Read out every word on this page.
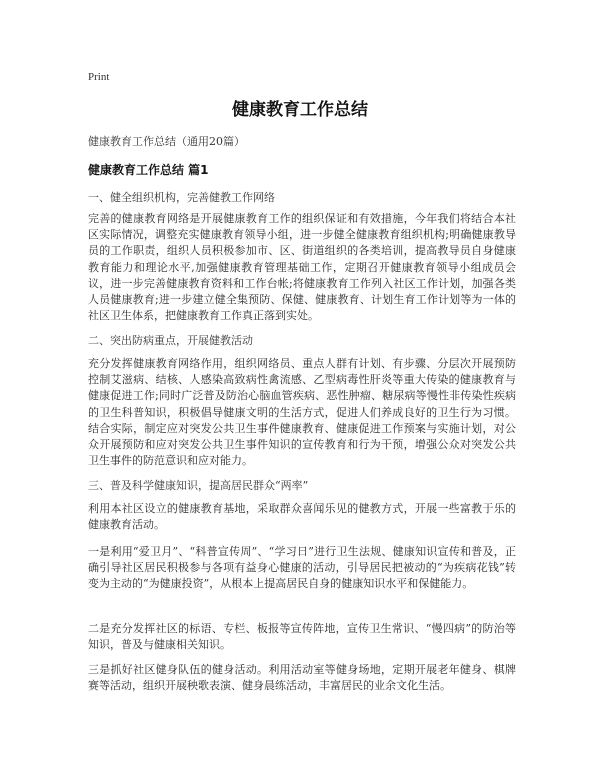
Print
健康教育工作总结
健康教育工作总结（通用20篇）
健康教育工作总结 篇1
一、健全组织机构，完善健教工作网络
完善的健康教育网络是开展健康教育工作的组织保证和有效措施，今年我们将结合本社区实际情况，调整充实健康教育领导小组，进一步健全健康教育组织机构;明确健康教导员的工作职责，组织人员积极参加市、区、街道组织的各类培训，提高教导员自身健康教育能力和理论水平,加强健康教育管理基础工作，定期召开健康教育领导小组成员会议，进一步完善健康教育资料和工作台帐;将健康教育工作列入社区工作计划，加强各类人员健康教育;进一步建立健全集预防、保健、健康教育、计划生育工作计划等为一体的社区卫生体系，把健康教育工作真正落到实处。
二、突出防病重点，开展健教活动
充分发挥健康教育网络作用，组织网络员、重点人群有计划、有步骤、分层次开展预防控制艾滋病、结核、人感染高致病性禽流感、乙型病毒性肝炎等重大传染的健康教育与健康促进工作;同时广泛普及防治心脑血管疾病、恶性肿瘤、糖尿病等慢性非传染性疾病的卫生科普知识，积极倡导健康文明的生活方式，促进人们养成良好的卫生行为习惯。结合实际，制定应对突发公共卫生事件健康教育、健康促进工作预案与实施计划，对公众开展预防和应对突发公共卫生事件知识的宣传教育和行为干预，增强公众对突发公共卫生事件的防范意识和应对能力。
三、普及科学健康知识，提高居民群众“两率”
利用本社区设立的健康教育基地，采取群众喜闻乐见的健教方式，开展一些富教于乐的健康教育活动。
一是利用“爱卫月”、“科普宣传周”、“学习日”进行卫生法规、健康知识宣传和普及，正确引导社区居民积极参与各项有益身心健康的活动，引导居民把被动的“为疾病花钱”转变为主动的“为健康投资”，从根本上提高居民自身的健康知识水平和保健能力。
二是充分发挥社区的标语、专栏、板报等宣传阵地，宣传卫生常识、“慢四病”的防治等知识，普及与健康相关知识。
三是抓好社区健身队伍的健身活动。利用活动室等健身场地，定期开展老年健身、棋牌赛等活动，组织开展秧歌表演、健身晨练活动，丰富居民的业余文化生活。
